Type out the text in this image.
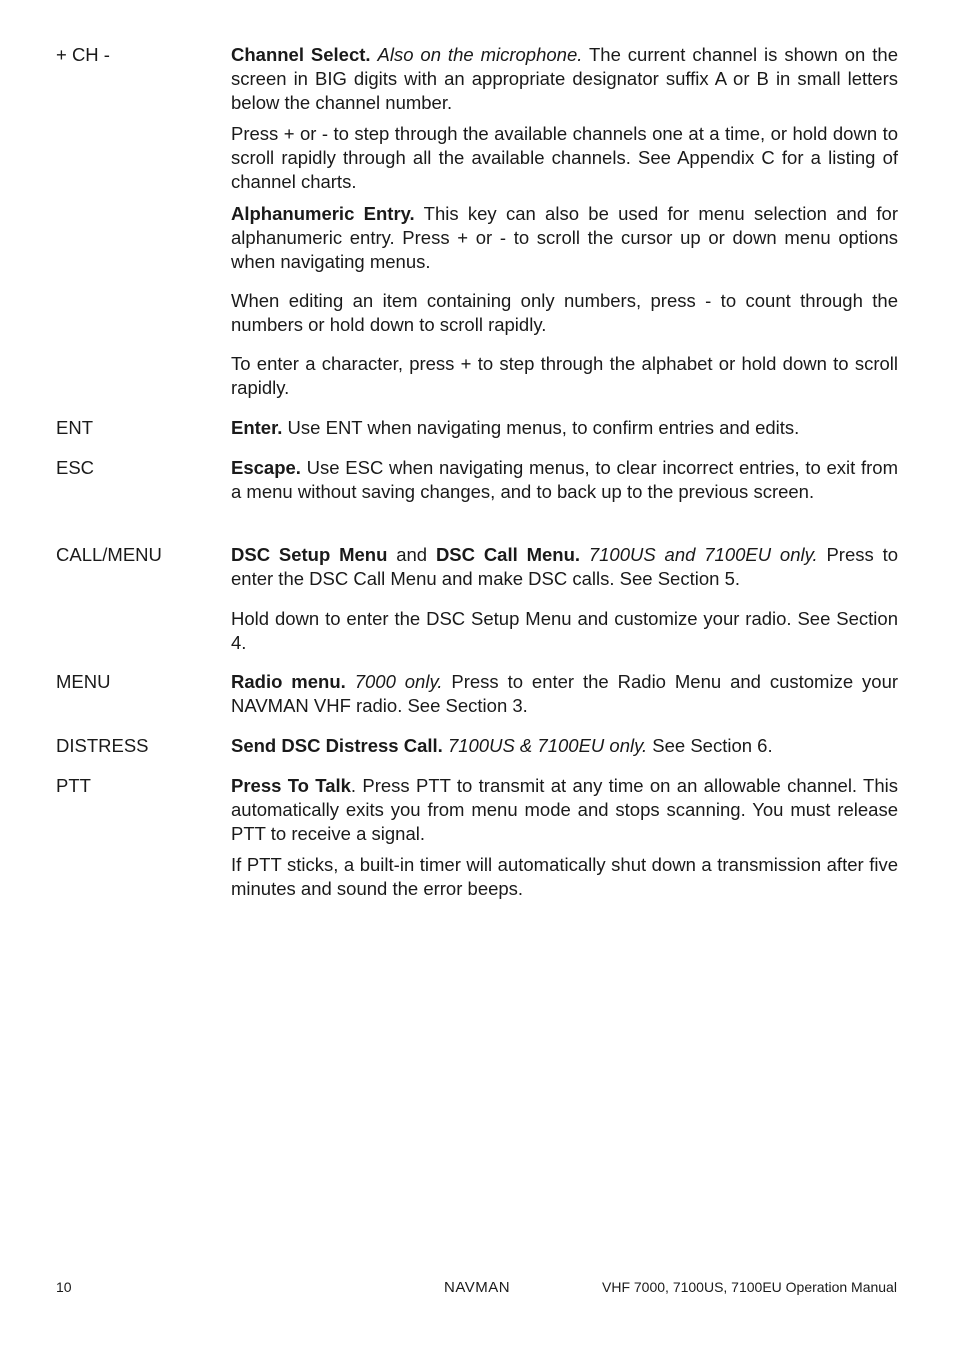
+ CH -	Channel Select. Also on the microphone. The current channel is shown on the screen in BIG digits with an appropriate designator suffix A or B in small letters below the channel number.
Press + or - to step through the available channels one at a time, or hold down to scroll rapidly through all the available channels. See Appendix C for a listing of channel charts.
Alphanumeric Entry. This key can also be used for menu selection and for alphanumeric entry. Press + or - to scroll the cursor up or down menu options when navigating menus.
When editing an item containing only numbers, press - to count through the numbers or hold down to scroll rapidly.
To enter a character, press + to step through the alphabet or hold down to scroll rapidly.
ENT	Enter. Use ENT when navigating menus, to confirm entries and edits.
ESC	Escape. Use ESC when navigating menus, to clear incorrect entries, to exit from a menu without saving changes, and to back up to the previous screen.
CALL/MENU	DSC Setup Menu and DSC Call Menu. 7100US and 7100EU only. Press to enter the DSC Call Menu and make DSC calls. See Section 5.
Hold down to enter the DSC Setup Menu and customize your radio. See Section 4.
MENU	Radio menu. 7000 only. Press to enter the Radio Menu and customize your NAVMAN VHF radio. See Section 3.
DISTRESS	Send DSC Distress Call. 7100US & 7100EU only. See Section 6.
PTT	Press To Talk. Press PTT to transmit at any time on an allowable channel. This automatically exits you from menu mode and stops scanning. You must release PTT to receive a signal.
If PTT sticks, a built-in timer will automatically shut down a transmission after five minutes and sound the error beeps.
10	NAVMAN	VHF 7000, 7100US, 7100EU Operation Manual
